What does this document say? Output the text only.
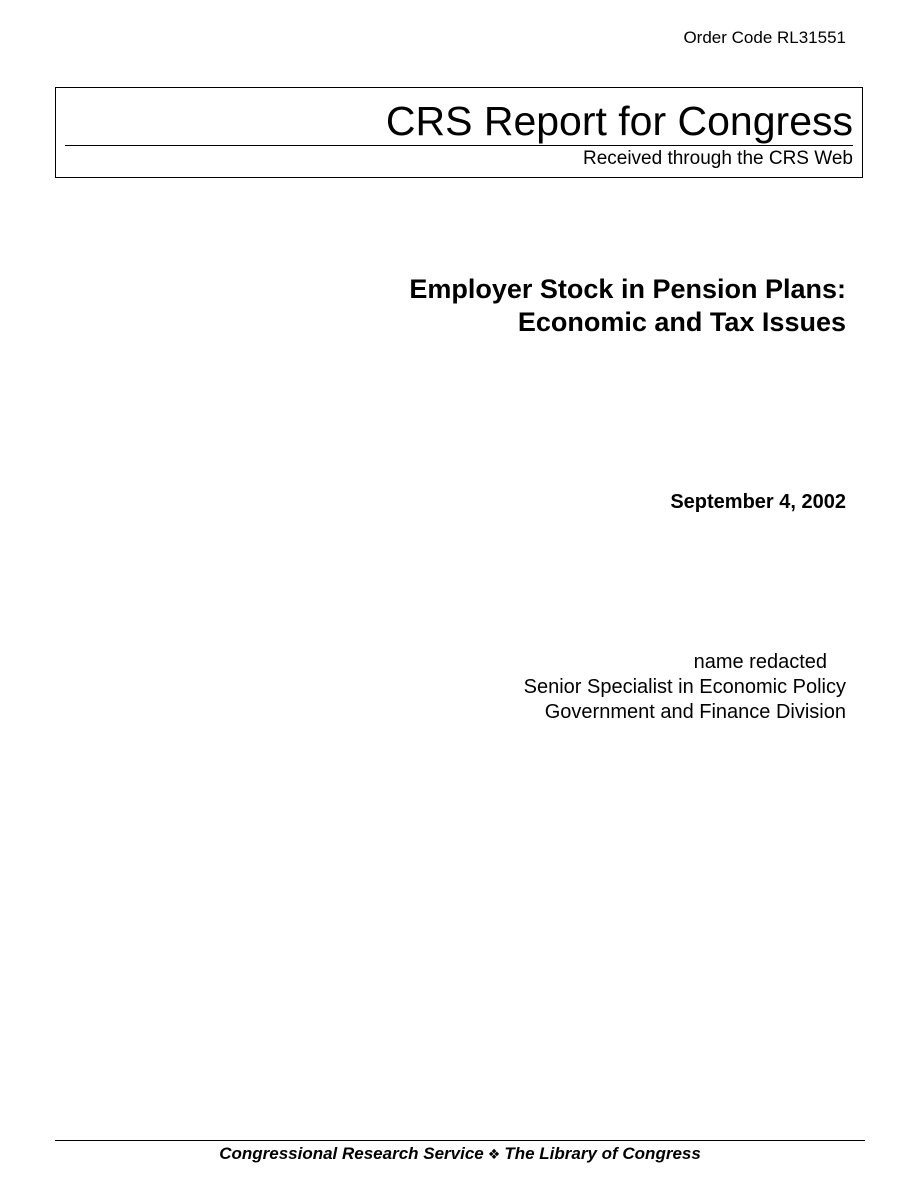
Order Code RL31551
CRS Report for Congress
Received through the CRS Web
Employer Stock in Pension Plans:
Economic and Tax Issues
September 4, 2002
name redacted
Senior Specialist in Economic Policy
Government and Finance Division
Congressional Research Service ❖ The Library of Congress
